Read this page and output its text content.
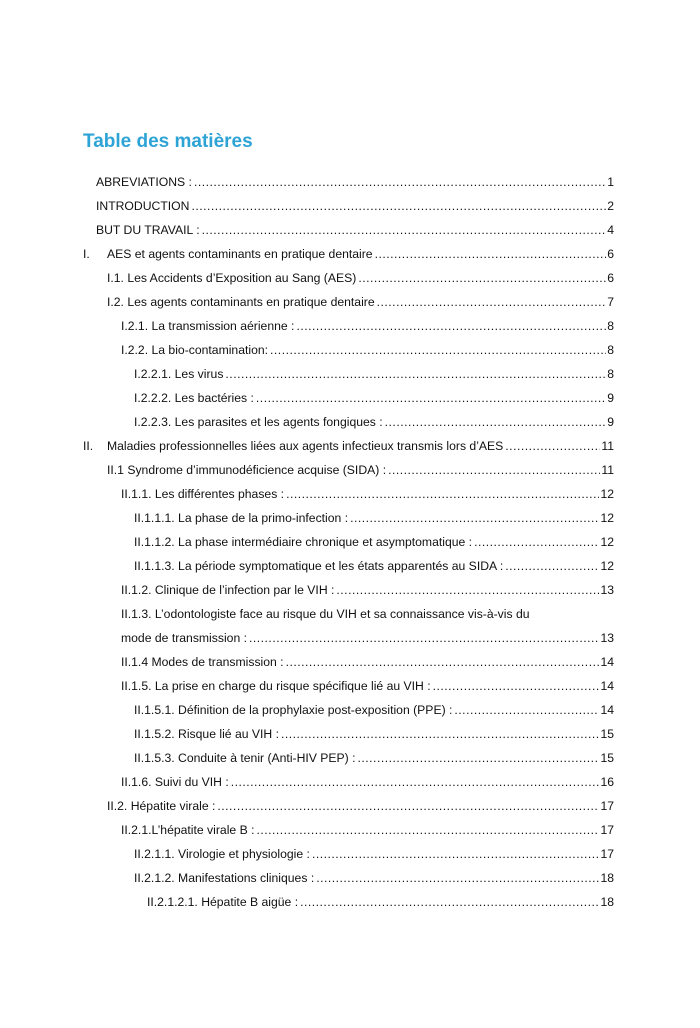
Table des matières
ABREVIATIONS : .....	1
INTRODUCTION .....	2
BUT DU TRAVAIL : .....	4
I. AES et agents contaminants en pratique dentaire .....	6
I.1. Les Accidents d’Exposition au Sang (AES) .....	6
I.2. Les agents contaminants en pratique dentaire .....	7
I.2.1. La transmission aérienne : .....	8
I.2.2. La bio-contamination: .....	8
I.2.2.1. Les virus .....	8
I.2.2.2. Les bactéries : .....	9
I.2.2.3. Les parasites et les agents fongiques : .....	9
II. Maladies professionnelles liées aux agents infectieux transmis lors d’AES .....	11
II.1 Syndrome d’immunodéficience acquise (SIDA) : .....	11
II.1.1. Les différentes phases : .....	12
II.1.1.1. La phase de la primo-infection : .....	12
II.1.1.2. La phase intermédiaire chronique et asymptomatique : .....	12
II.1.1.3. La période symptomatique et les états apparentés au SIDA : .....	12
II.1.2. Clinique de l’infection par le VIH : .....	13
II.1.3. L’odontologiste face au risque du VIH et sa connaissance vis-à-vis du
mode de transmission : .....	13
II.1.4 Modes de transmission : .....	14
II.1.5. La prise en charge du risque spécifique lié au VIH : .....	14
II.1.5.1. Définition de la prophylaxie post-exposition (PPE) : .....	14
II.1.5.2. Risque lié au VIH : .....	15
II.1.5.3. Conduite à tenir (Anti-HIV PEP) : .....	15
II.1.6. Suivi du VIH : .....	16
II.2. Hépatite virale : .....	17
II.2.1.L’hépatite virale B : .....	17
II.2.1.1. Virologie et physiologie : .....	17
II.2.1.2. Manifestations cliniques : .....	18
II.2.1.2.1. Hépatite B aigüe : .....	18
